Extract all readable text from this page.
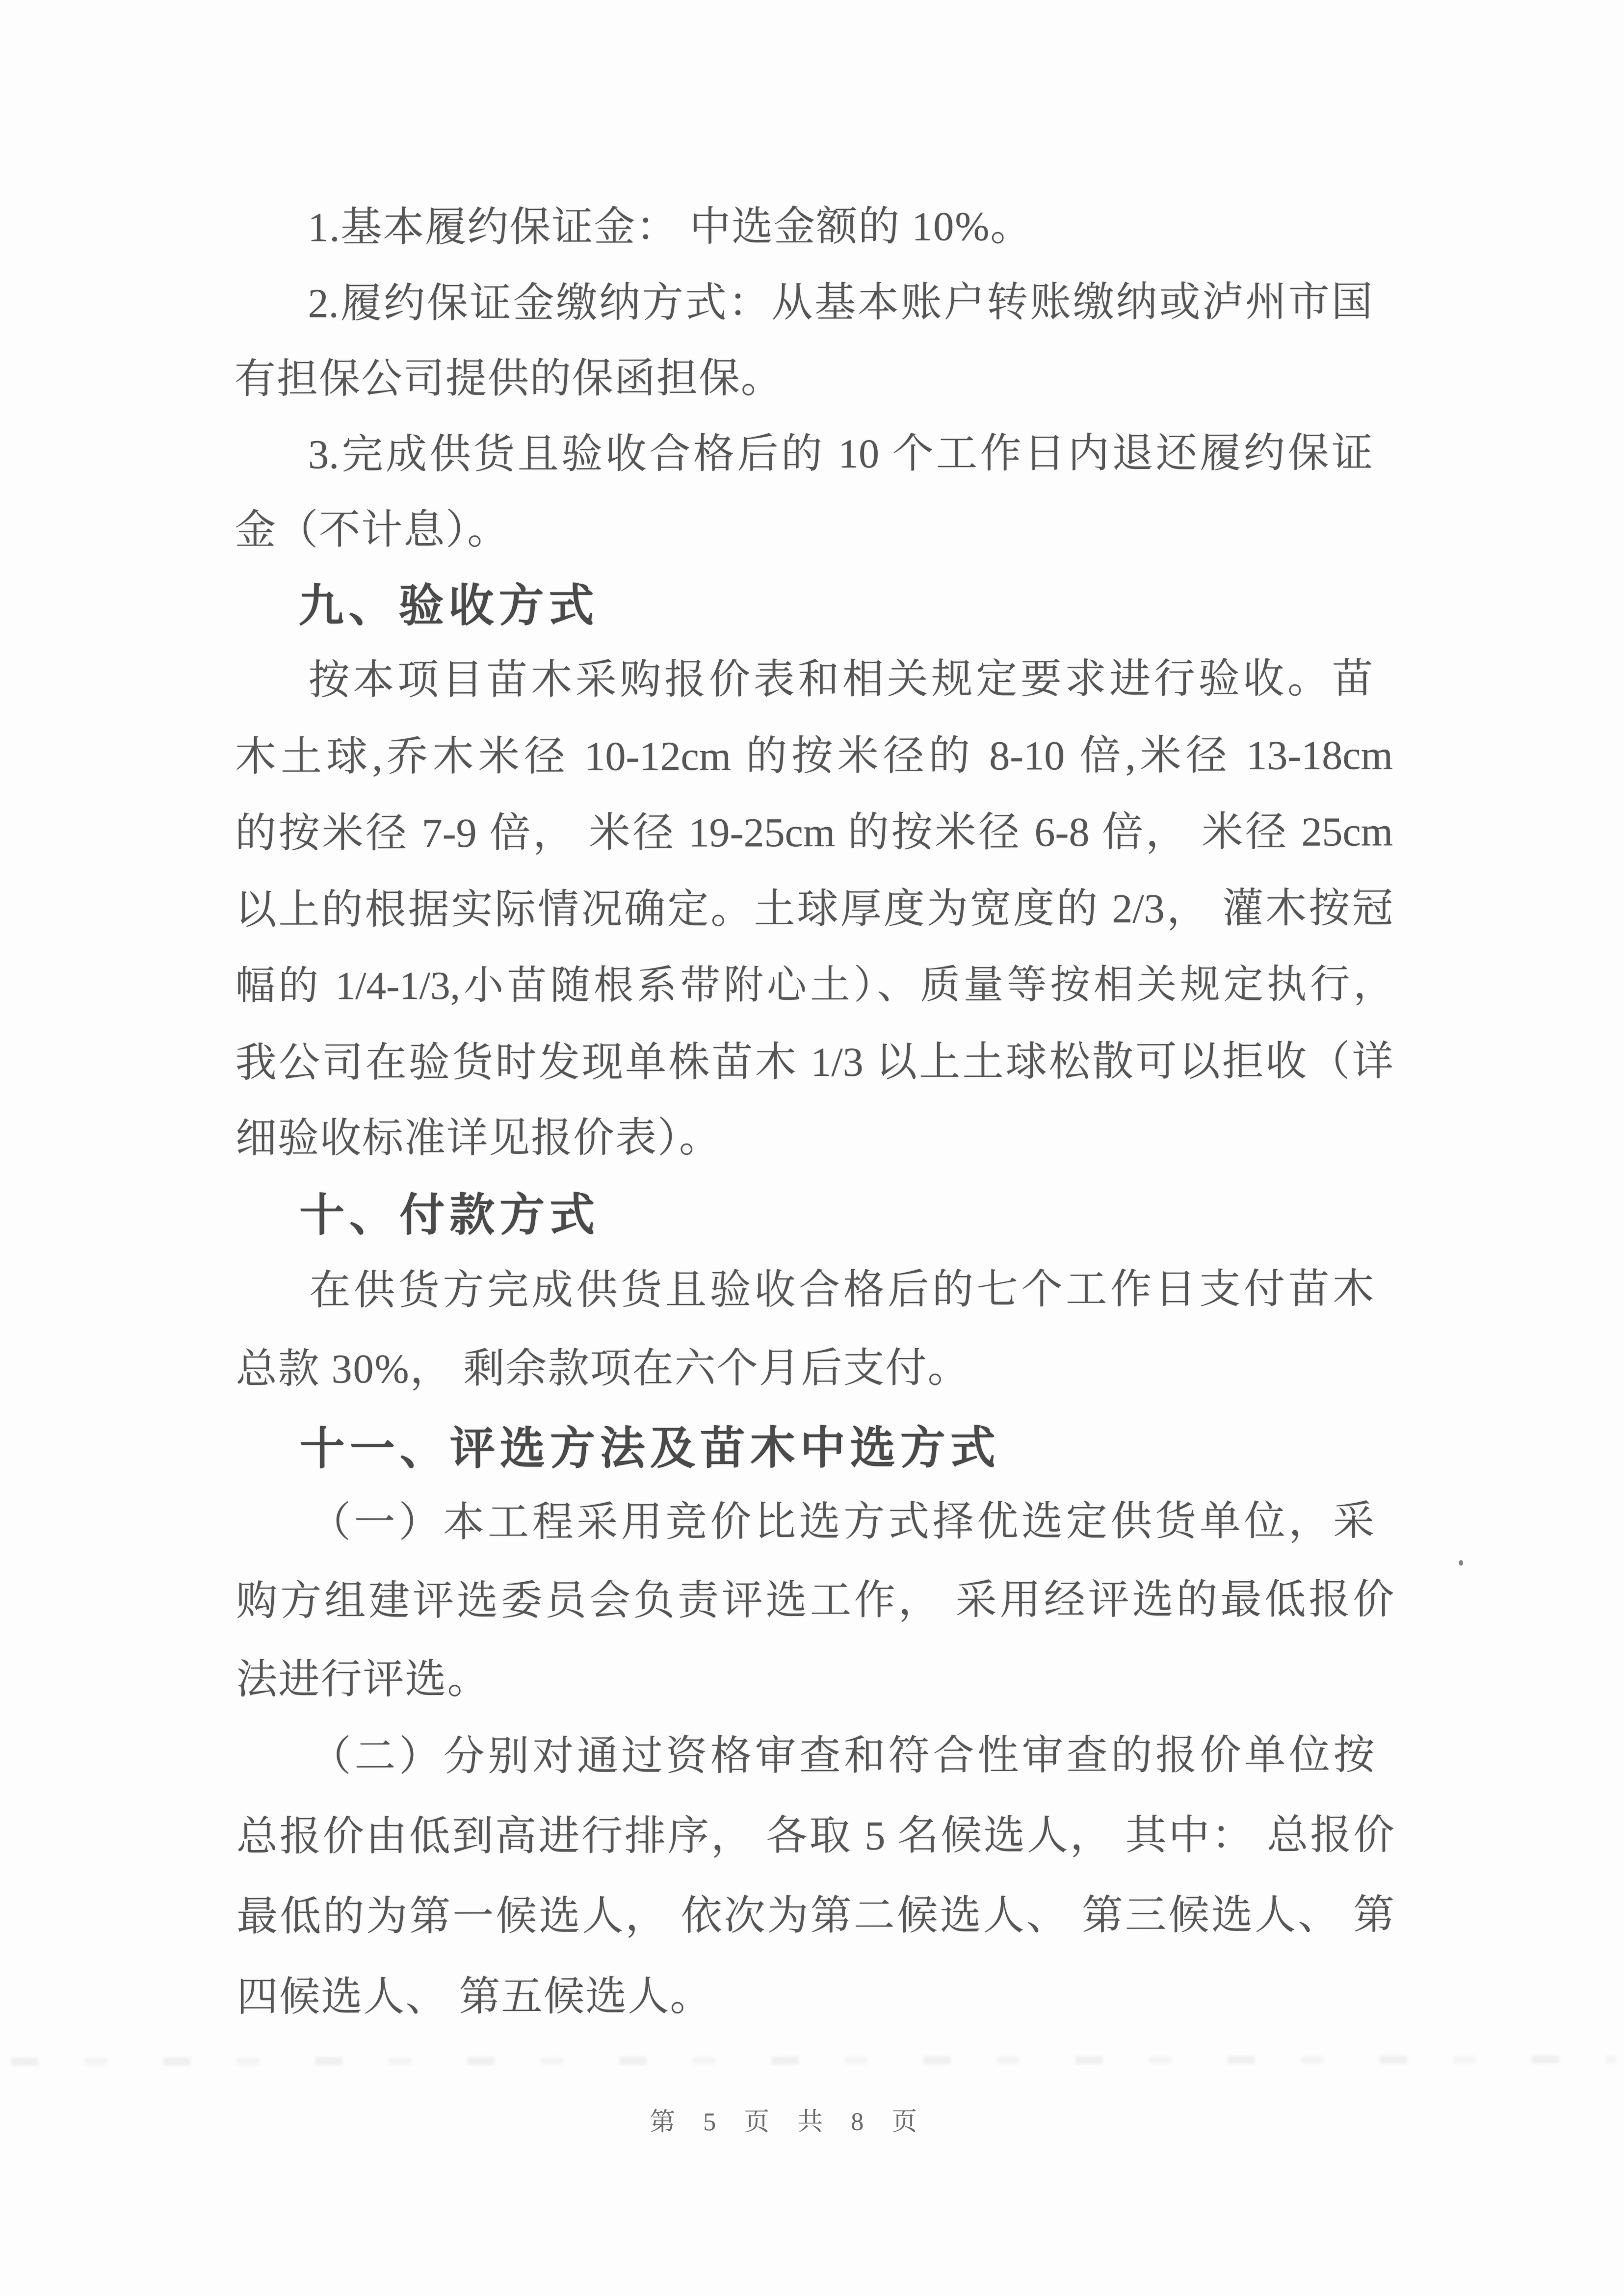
1.基本履约保证金： 中选金额的 10%。
2.履约保证金缴纳方式：从基本账户转账缴纳或泸州市国
有担保公司提供的保函担保。
3.完成供货且验收合格后的 10 个工作日内退还履约保证
金（不计息）。
九、验收方式
按本项目苗木采购报价表和相关规定要求进行验收。苗
木土球,乔木米径 10-12cm 的按米径的 8-10 倍,米径 13-18cm
的按米径 7-9 倍， 米径 19-25cm 的按米径 6-8 倍， 米径 25cm
以上的根据实际情况确定。土球厚度为宽度的 2/3， 灌木按冠
幅的 1/4-1/3,小苗随根系带附心土）、质量等按相关规定执行，
我公司在验货时发现单株苗木 1/3 以上土球松散可以拒收（详
细验收标准详见报价表）。
十、付款方式
在供货方完成供货且验收合格后的七个工作日支付苗木
总款 30%， 剩余款项在六个月后支付。
十一、评选方法及苗木中选方式
（一）本工程采用竞价比选方式择优选定供货单位，采
购方组建评选委员会负责评选工作， 采用经评选的最低报价
法进行评选。
（二）分别对通过资格审查和符合性审查的报价单位按
总报价由低到高进行排序， 各取 5 名候选人， 其中： 总报价
最低的为第一候选人， 依次为第二候选人、 第三候选人、 第
四候选人、 第五候选人。
第 5 页 共 8 页
